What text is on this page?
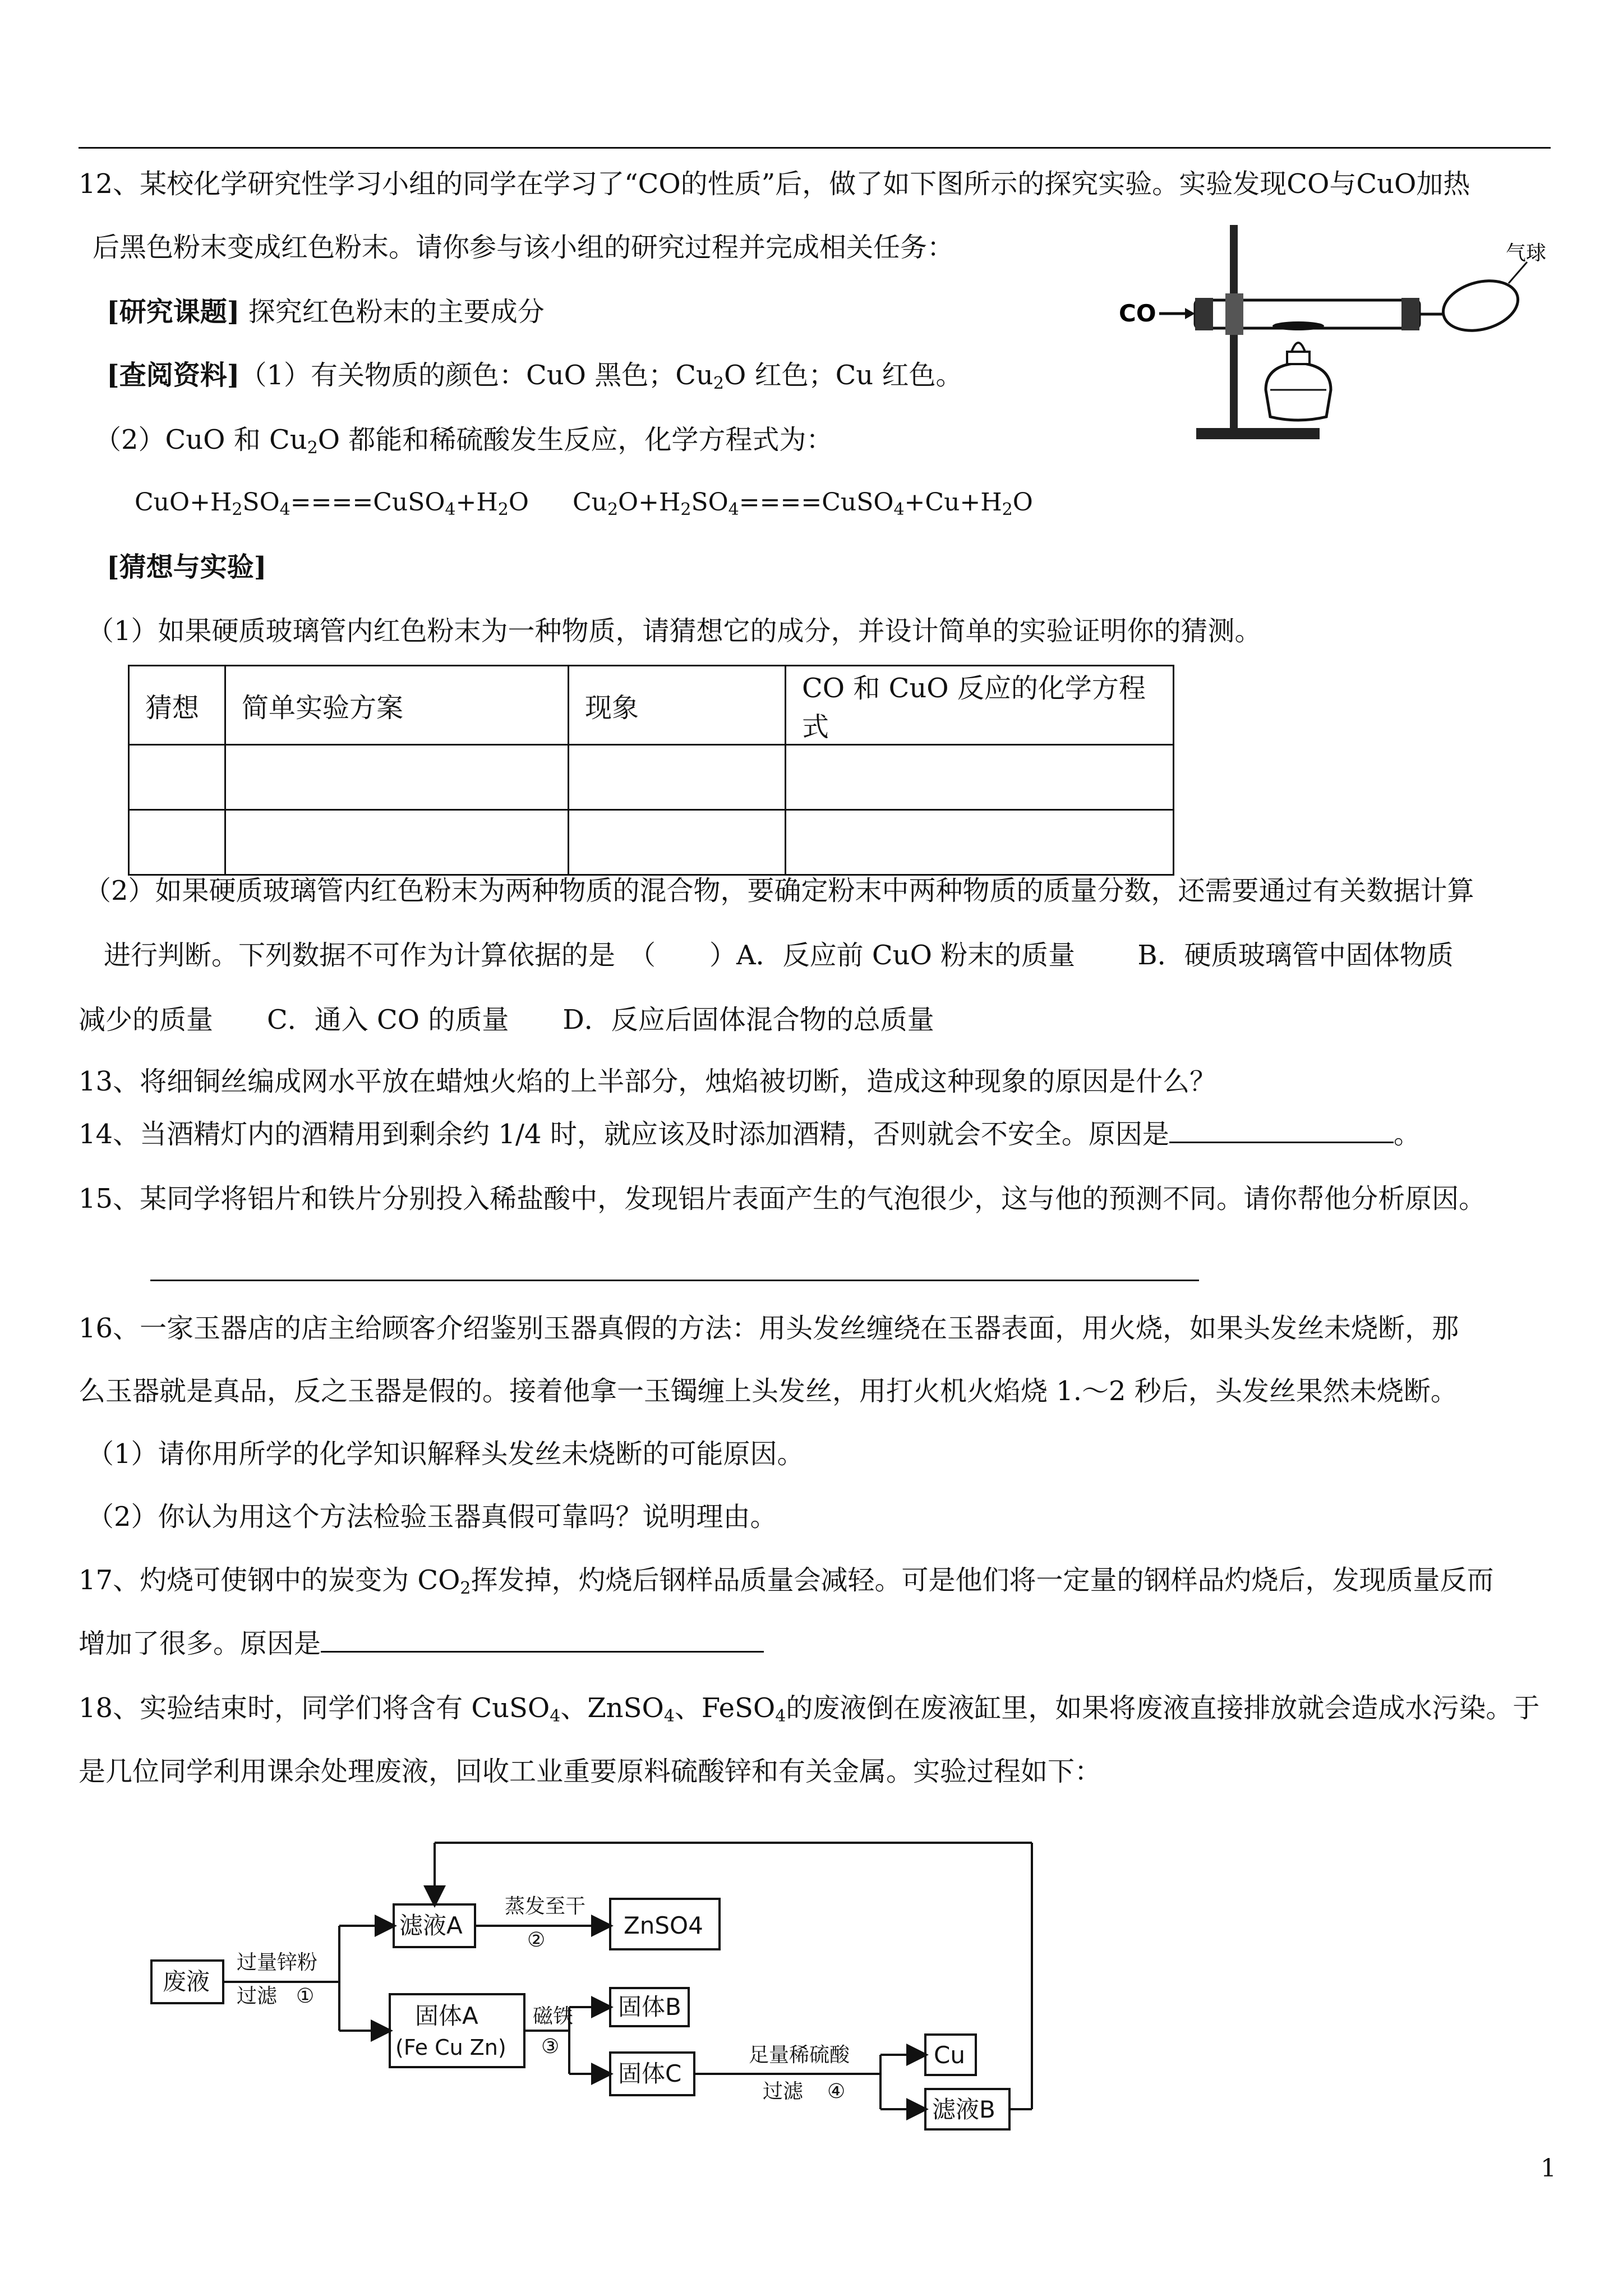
12、某校化学研究性学习小组的同学在学习了“CO的性质”后，做了如下图所示的探究实验。实验发现CO与CuO加热
后黑色粉末变成红色粉末。请你参与该小组的研究过程并完成相关任务：
[研究课题] 探究红色粉末的主要成分
[查阅资料]（1）有关物质的颜色：CuO 黑色；$Cu_2O$ 红色；Cu 红色。
（2）CuO 和 $Cu_2O$ 都能和稀硫酸发生反应，化学方程式为：
$CuO+H_2SO_4====CuSO_4+H_2O$ $Cu_2O+H_2SO_4====CuSO_4+Cu+H_2O$
[猜想与实验]
（1）如果硬质玻璃管内红色粉末为一种物质，请猜想它的成分，并设计简单的实验证明你的猜测。
猜想	简单实验方案	现象	CO 和 CuO 反应的化学方程式

（2）如果硬质玻璃管内红色粉末为两种物质的混合物，要确定粉末中两种物质的质量分数，还需要通过有关数据计算
进行判断。下列数据不可作为计算依据的是　（　　）A．反应前 CuO 粉末的质量　　 B．硬质玻璃管中固体物质
减少的质量　　C．通入 CO 的质量　　D．反应后固体混合物的总质量
CO
气球
13、将细铜丝编成网水平放在蜡烛火焰的上半部分，烛焰被切断，造成这种现象的原因是什么？
14、当酒精灯内的酒精用到剩余约 1/4 时，就应该及时添加酒精，否则就会不安全。原因是	。
15、某同学将铝片和铁片分别投入稀盐酸中，发现铝片表面产生的气泡很少，这与他的预测不同。请你帮他分析原因。
16、一家玉器店的店主给顾客介绍鉴别玉器真假的方法：用头发丝缠绕在玉器表面，用火烧，如果头发丝未烧断，那
么玉器就是真品，反之玉器是假的。接着他拿一玉镯缠上头发丝，用打火机火焰烧 1.～2 秒后，头发丝果然未烧断。
（1）请你用所学的化学知识解释头发丝未烧断的可能原因。
（2）你认为用这个方法检验玉器真假可靠吗？说明理由。
17、灼烧可使钢中的炭变为 $CO_2$挥发掉，灼烧后钢样品质量会减轻。可是他们将一定量的钢样品灼烧后，发现质量反而
增加了很多。原因是
18、实验结束时，同学们将含有 CuSO$_4$、ZnSO$_4$、FeSO$_4$的废液倒在废液缸里，如果将废液直接排放就会造成水污染。于
是几位同学利用课余处理废液，回收工业重要原料硫酸锌和有关金属。实验过程如下：
废液
过量锌粉
过滤 ①
滤液A
蒸发至干
②
ZnSO4
固体A
(Fe Cu Zn)
磁铁
③
固体B
固体C
足量稀硫酸
过滤 ④
Cu
滤液B
1
